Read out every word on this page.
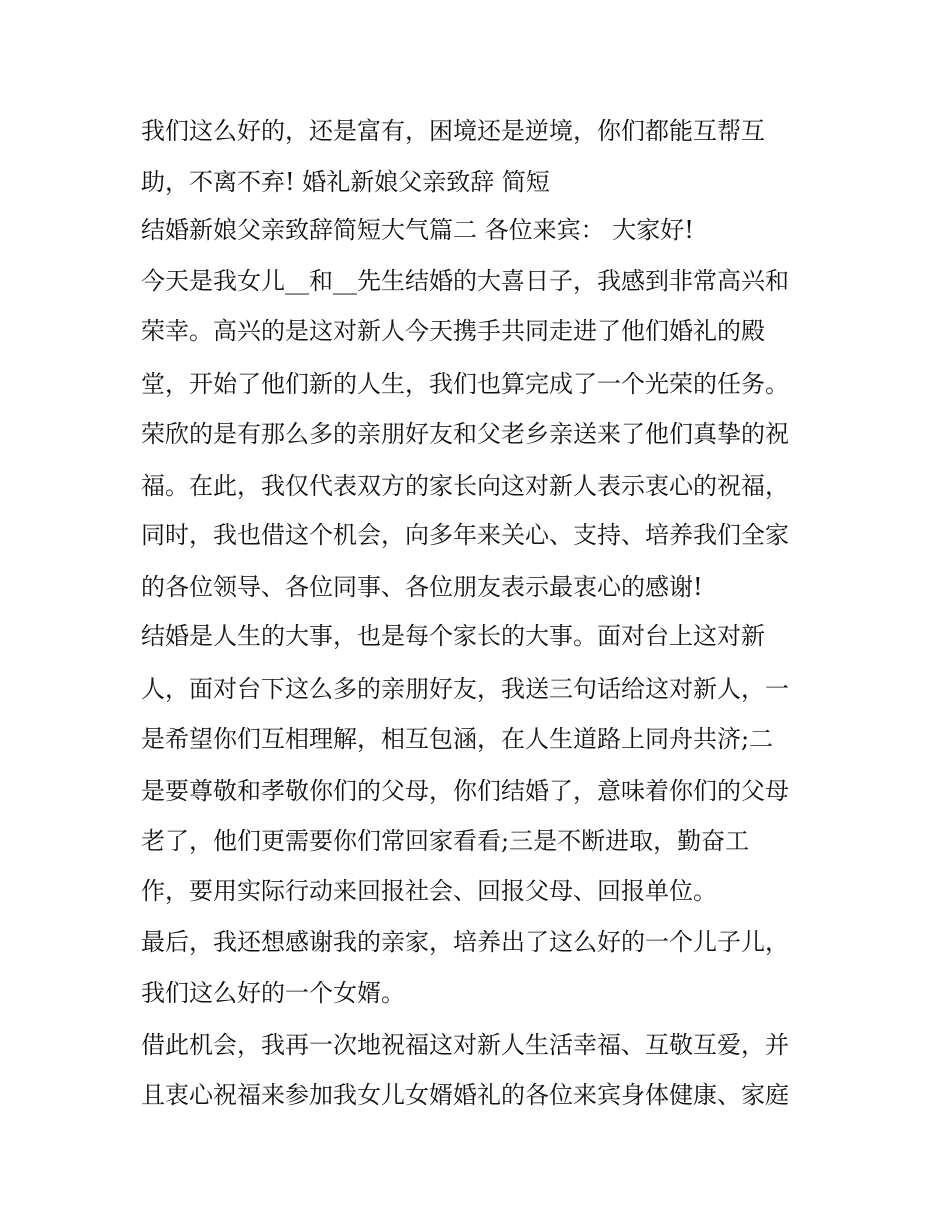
我们这么好的，还是富有，困境还是逆境，你们都能互帮互
助，不离不弃! 婚礼新娘父亲致辞 简短
结婚新娘父亲致辞简短大气篇二 各位来宾： 大家好!
今天是我女儿__和__先生结婚的大喜日子，我感到非常高兴和
荣幸。高兴的是这对新人今天携手共同走进了他们婚礼的殿
堂，开始了他们新的人生，我们也算完成了一个光荣的任务。
荣欣的是有那么多的亲朋好友和父老乡亲送来了他们真挚的祝
福。在此，我仅代表双方的家长向这对新人表示衷心的祝福，
同时，我也借这个机会，向多年来关心、支持、培养我们全家
的各位领导、各位同事、各位朋友表示最衷心的感谢!
结婚是人生的大事，也是每个家长的大事。面对台上这对新
人，面对台下这么多的亲朋好友，我送三句话给这对新人，一
是希望你们互相理解，相互包涵，在人生道路上同舟共济;二
是要尊敬和孝敬你们的父母，你们结婚了，意味着你们的父母
老了，他们更需要你们常回家看看;三是不断进取，勤奋工
作，要用实际行动来回报社会、回报父母、回报单位。
最后，我还想感谢我的亲家，培养出了这么好的一个儿子儿，
我们这么好的一个女婿。
借此机会，我再一次地祝福这对新人生活幸福、互敬互爱，并
且衷心祝福来参加我女儿女婿婚礼的各位来宾身体健康、家庭
